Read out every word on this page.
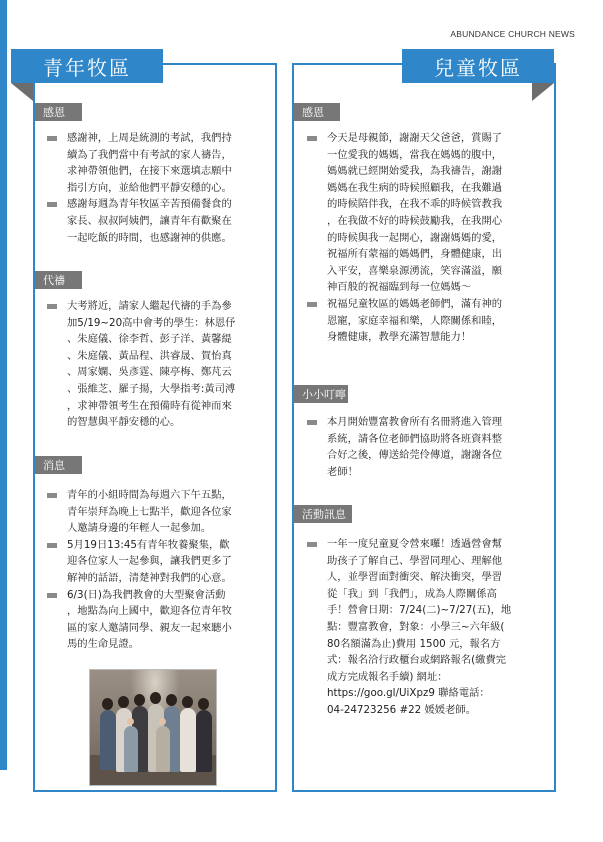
ABUNDANCE CHURCH NEWS
青年牧區
感恩
感謝神，上周是統測的考試，我們持
續為了我們當中有考試的家人禱告，
求神帶領他們，在接下來選填志願中
指引方向，並給他們平靜安穩的心。
感謝每週為青年牧區辛苦預備餐食的
家長、叔叔阿姨們，讓青年有歡聚在
一起吃飯的時間，也感謝神的供應。
代禱
大考將近，請家人繼起代禱的手為參
加5/19~20高中會考的學生：林恩伃
、朱庭儀、徐李哲、彭子洋、黃馨緹
、朱庭儀、黃品程、洪睿晟、賀怡真
、周家嫻、吳彥霆、陳亭梅、鄭芃云
、張維芝、羅子揚，大學指考:黃司溥
，求神帶領考生在預備時有從神而來
的智慧與平靜安穩的心。
消息
青年的小組時間為每週六下午五點，
青年崇拜為晚上七點半，歡迎各位家
人邀請身邊的年輕人一起參加。
5月19日13:45有青年牧養聚集，歡
迎各位家人一起參與，讓我們更多了
解神的話語，清楚神對我們的心意。
6/3(日)為我們教會的大型聚會活動
，地點為向上國中，歡迎各位青年牧
區的家人邀請同學、親友一起來聽小
馬的生命見證。
兒童牧區
感恩
今天是母親節，謝謝天父爸爸，賞賜了
一位愛我的媽媽，當我在媽媽的腹中，
媽媽就已經開始愛我，為我禱告，謝謝
媽媽在我生病的時候照顧我，在我難過
的時候陪伴我，在我不乖的時候管教我
，在我做不好的時候鼓勵我，在我開心
的時候與我一起開心，謝謝媽媽的愛，
祝福所有蒙福的媽媽們，身體健康，出
入平安，喜樂泉源湧流，笑容滿溢，願
神百般的祝福臨到每一位媽媽～
祝福兒童牧區的媽媽老師們，滿有神的
恩寵，家庭幸福和樂，人際關係和睦，
身體健康，教學充滿智慧能力！
小小叮嚀
本月開始豐富教會所有名冊將進入管理
系統，請各位老師們協助將各班資料整
合好之後，傳送給莞伶傳道，謝謝各位
老師！
活動訊息
一年一度兒童夏令營來囉！透過營會幫
助孩子了解自己、學習同理心、理解他
人，並學習面對衝突、解決衝突，學習
從「我」到「我們」，成為人際關係高
手！營會日期：7/24(二)~7/27(五)，地
點：豐富教會，對象：小學三~六年級(
80名額滿為止)費用 1500 元，報名方
式：報名洽行政櫃台或網路報名(繳費完
成方完成報名手續) 網址：
https://goo.gl/UiXpz9 聯絡電話：
04-24723256 #22 媛媛老師。
